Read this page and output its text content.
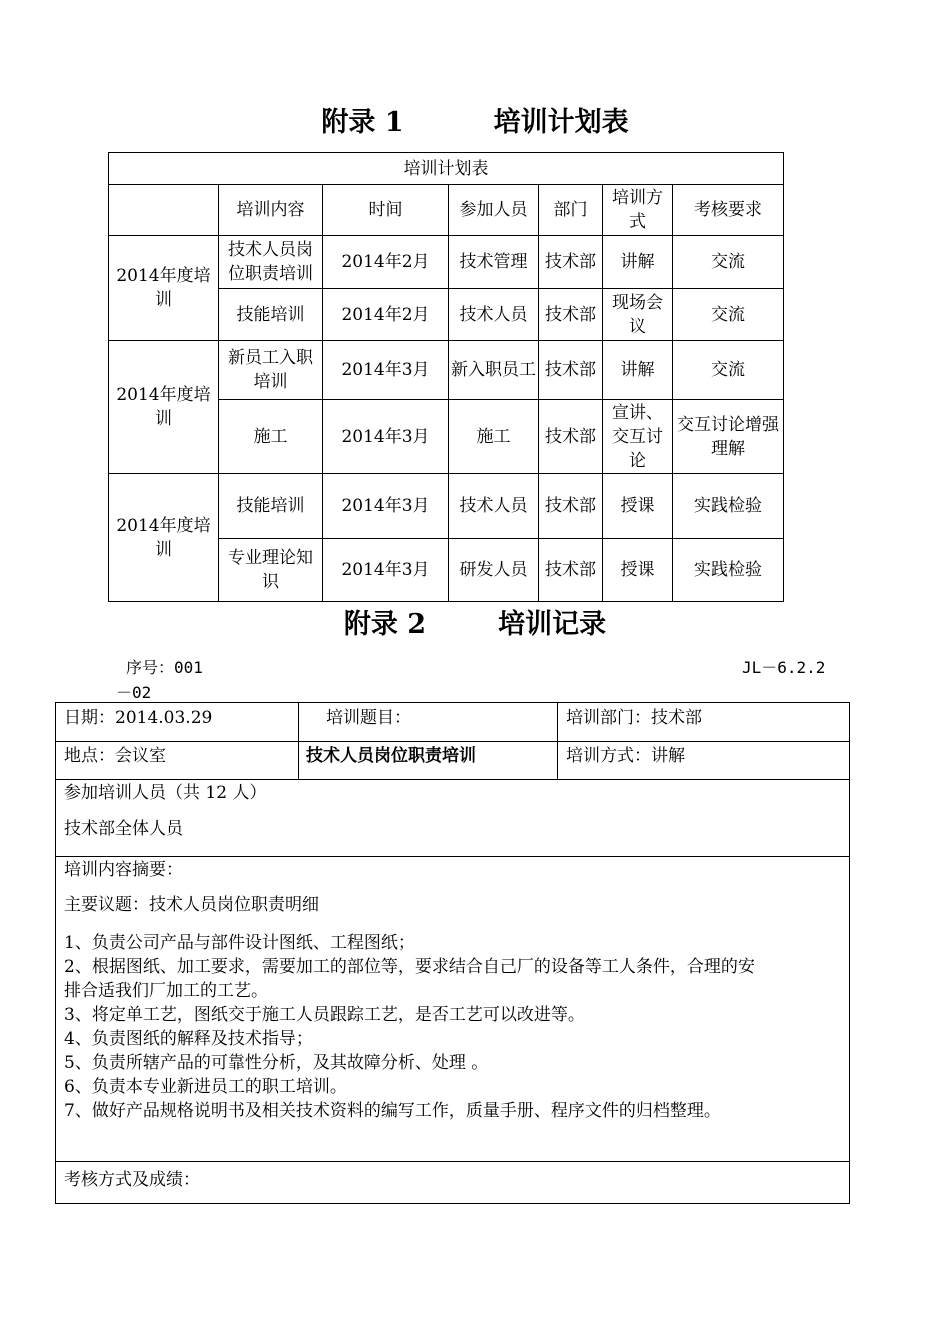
附录 1	培训计划表
培训计划表						
	培训内容	时间	参加人员	部门	培训方式	考核要求
2014年度培训	技术人员岗位职责培训	2014年2月	技术管理	技术部	讲解	交流
	技能培训	2014年2月	技术人员	技术部	现场会议	交流
2014年度培训	新员工入职培训	2014年3月	新入职员工	技术部	讲解	交流
	施工	2014年3月	施工	技术部	宣讲、交互讨论	交互讨论增强理解
2014年度培训	技能培训	2014年3月	技术人员	技术部	授课	实践检验
	专业理论知识	2014年3月	研发人员	技术部	授课	实践检验
附录 2	培训记录
序号：001
－02
JL－6.2.2
日期：2014.03.29	培训题目：	培训部门：技术部
地点：会议室	技术人员岗位职责培训	培训方式：讲解
参加培训人员（共 12 人）
技术部全体人员
培训内容摘要：
主要议题：技术人员岗位职责明细

1、负责公司产品与部件设计图纸、工程图纸；

2、根据图纸、加工要求，需要加工的部位等，要求结合自己厂的设备等工人条件，合理的安

排合适我们厂加工的工艺。

3、将定单工艺，图纸交于施工人员跟踪工艺，是否工艺可以改进等。

4、负责图纸的解释及技术指导；

5、负责所辖产品的可靠性分析，及其故障分析、处理 。

6、负责本专业新进员工的职工培训。

7、做好产品规格说明书及相关技术资料的编写工作，质量手册、程序文件的归档整理。

考核方式及成绩：
